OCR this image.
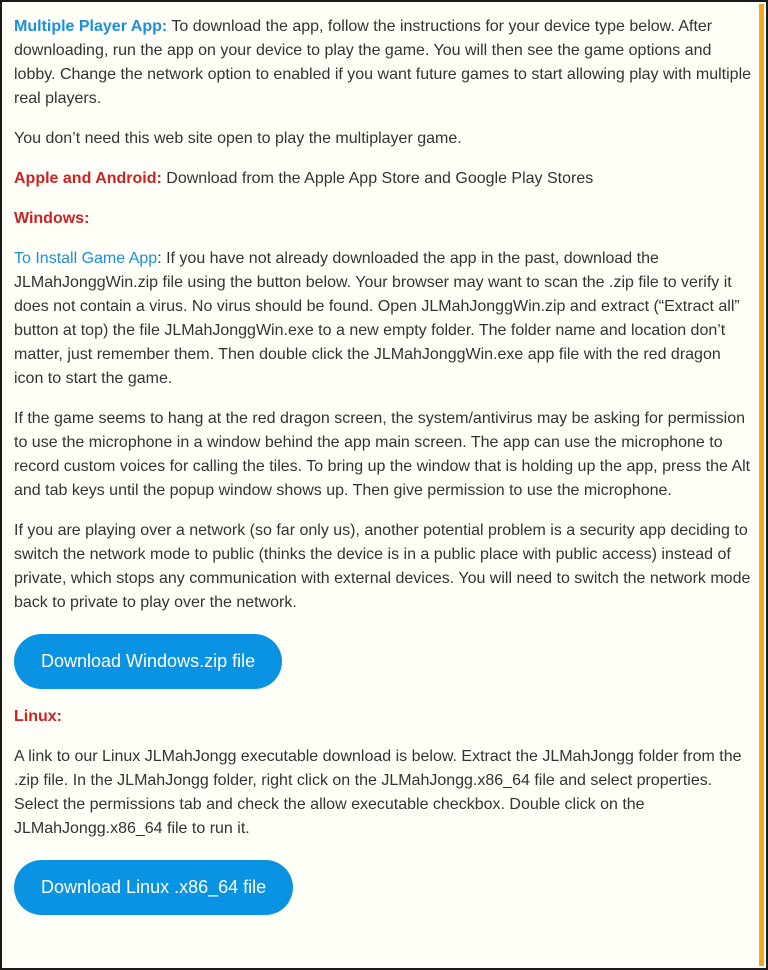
Multiple Player App: To download the app, follow the instructions for your device type below. After downloading, run the app on your device to play the game. You will then see the game options and lobby. Change the network option to enabled if you want future games to start allowing play with multiple real players.

You don’t need this web site open to play the multiplayer game.

Apple and Android: Download from the Apple App Store and Google Play Stores

Windows:

To Install Game App: If you have not already downloaded the app in the past, download the JLMahJonggWin.zip file using the button below. Your browser may want to scan the .zip file to verify it does not contain a virus. No virus should be found. Open JLMahJonggWin.zip and extract (“Extract all” button at top) the file JLMahJonggWin.exe to a new empty folder. The folder name and location don’t matter, just remember them. Then double click the JLMahJonggWin.exe app file with the red dragon icon to start the game.

If the game seems to hang at the red dragon screen, the system/antivirus may be asking for permission to use the microphone in a window behind the app main screen. The app can use the microphone to record custom voices for calling the tiles. To bring up the window that is holding up the app, press the Alt and tab keys until the popup window shows up. Then give permission to use the microphone.

If you are playing over a network (so far only us), another potential problem is a security app deciding to switch the network mode to public (thinks the device is in a public place with public access) instead of private, which stops any communication with external devices. You will need to switch the network mode back to private to play over the network.

Download Windows.zip file

Linux:

A link to our Linux JLMahJongg executable download is below. Extract the JLMahJongg folder from the .zip file. In the JLMahJongg folder, right click on the JLMahJongg.x86_64 file and select properties. Select the permissions tab and check the allow executable checkbox. Double click on the JLMahJongg.x86_64 file to run it.

Download Linux .x86_64 file
